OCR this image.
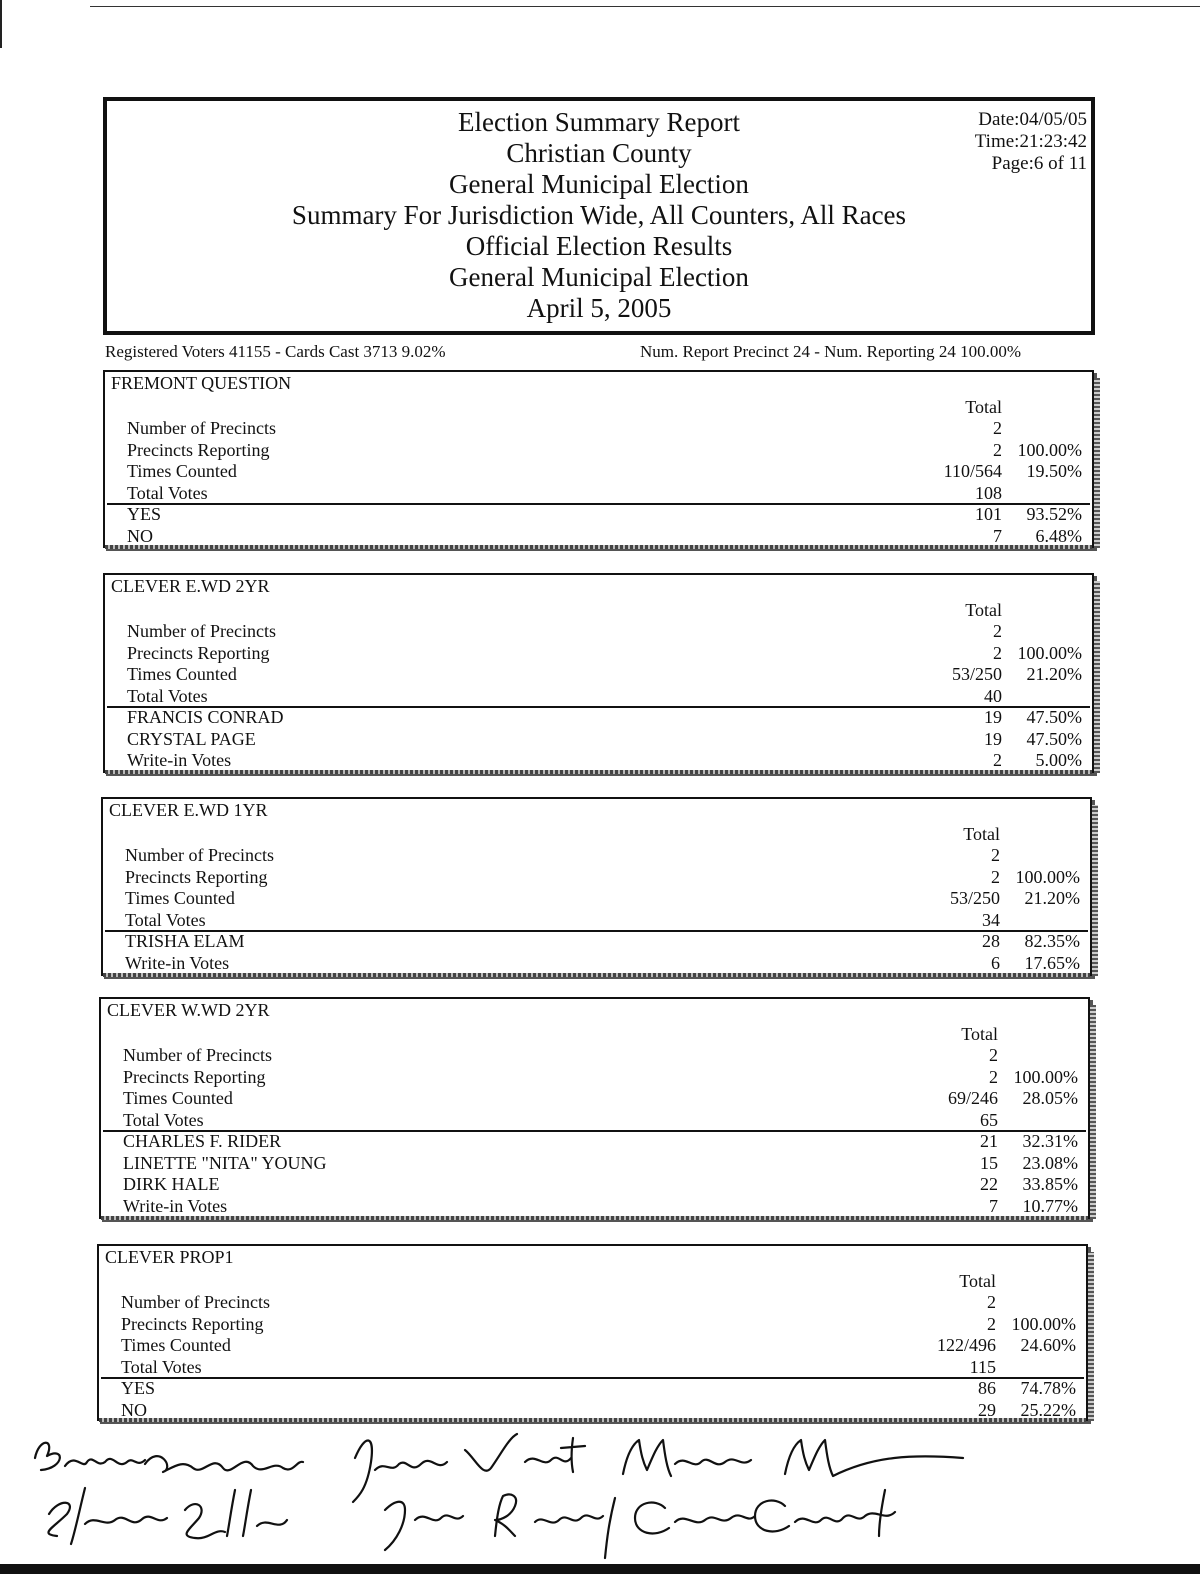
Election Summary Report
Christian County
General Municipal Election
Summary For Jurisdiction Wide, All Counters, All Races
Official Election Results
General Municipal Election
April 5, 2005
Date:04/05/05
Time:21:23:42
Page:6 of 11
Registered Voters 41155 - Cards Cast 3713 9.02%	Num. Report Precinct 24 - Num. Reporting 24 100.00%
FREMONT QUESTION
Total
Number of Precincts	2
Precincts Reporting	2 100.00%
Times Counted	110/564 19.50%
Total Votes	108
YES	101 93.52%
NO	7 6.48%
CLEVER E.WD 2YR
Total
Number of Precincts	2
Precincts Reporting	2 100.00%
Times Counted	53/250 21.20%
Total Votes	40
FRANCIS CONRAD	19 47.50%
CRYSTAL PAGE	19 47.50%
Write-in Votes	2 5.00%
CLEVER E.WD 1YR
Total
Number of Precincts	2
Precincts Reporting	2 100.00%
Times Counted	53/250 21.20%
Total Votes	34
TRISHA ELAM	28 82.35%
Write-in Votes	6 17.65%
CLEVER W.WD 2YR
Total
Number of Precincts	2
Precincts Reporting	2 100.00%
Times Counted	69/246 28.05%
Total Votes	65
CHARLES F. RIDER	21 32.31%
LINETTE "NITA" YOUNG	15 23.08%
DIRK HALE	22 33.85%
Write-in Votes	7 10.77%
CLEVER PROP1
Total
Number of Precincts	2
Precincts Reporting	2 100.00%
Times Counted	122/496 24.60%
Total Votes	115
YES	86 74.78%
NO	29 25.22%
